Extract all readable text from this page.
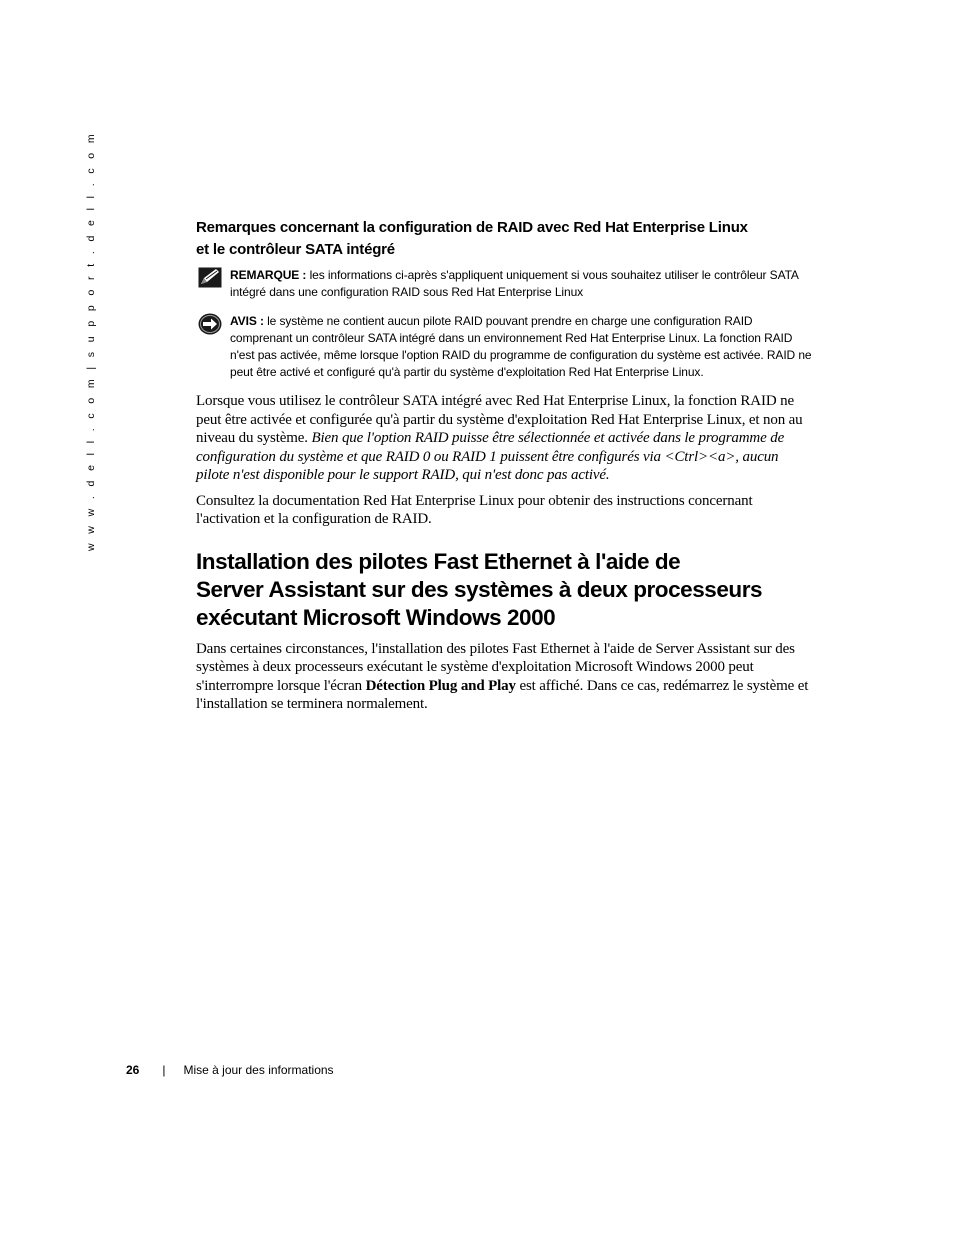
w w w . d e l l . c o m | s u p p o r t . d e l l . c o m	Remarques concernant la configuration de RAID avec Red Hat Enterprise Linux
et le contrôleur SATA intégré
REMARQUE : les informations ci-après s'appliquent uniquement si vous souhaitez utiliser le contrôleur SATA intégré dans une configuration RAID sous Red Hat Enterprise Linux
AVIS : le système ne contient aucun pilote RAID pouvant prendre en charge une configuration RAID comprenant un contrôleur SATA intégré dans un environnement Red Hat Enterprise Linux. La fonction RAID n'est pas activée, même lorsque l'option RAID du programme de configuration du système est activée. RAID ne peut être activé et configuré qu'à partir du système d'exploitation Red Hat Enterprise Linux.

Lorsque vous utilisez le contrôleur SATA intégré avec Red Hat Enterprise Linux, la fonction RAID ne peut être activée et configurée qu'à partir du système d'exploitation Red Hat Enterprise Linux, et non au niveau du système. Bien que l'option RAID puisse être sélectionnée et activée dans le programme de configuration du système et que RAID 0 ou RAID 1 puissent être configurés via <Ctrl><a>, aucun pilote n'est disponible pour le support RAID, qui n'est donc pas activé.

Consultez la documentation Red Hat Enterprise Linux pour obtenir des instructions concernant l'activation et la configuration de RAID.

Installation des pilotes Fast Ethernet à l'aide de
Server Assistant sur des systèmes à deux processeurs
exécutant Microsoft Windows 2000

Dans certaines circonstances, l'installation des pilotes Fast Ethernet à l'aide de Server Assistant sur des systèmes à deux processeurs exécutant le système d'exploitation Microsoft Windows 2000 peut s'interrompre lorsque l'écran Détection Plug and Play est affiché. Dans ce cas, redémarrez le système et l'installation se terminera normalement.

26 | Mise à jour des informations
